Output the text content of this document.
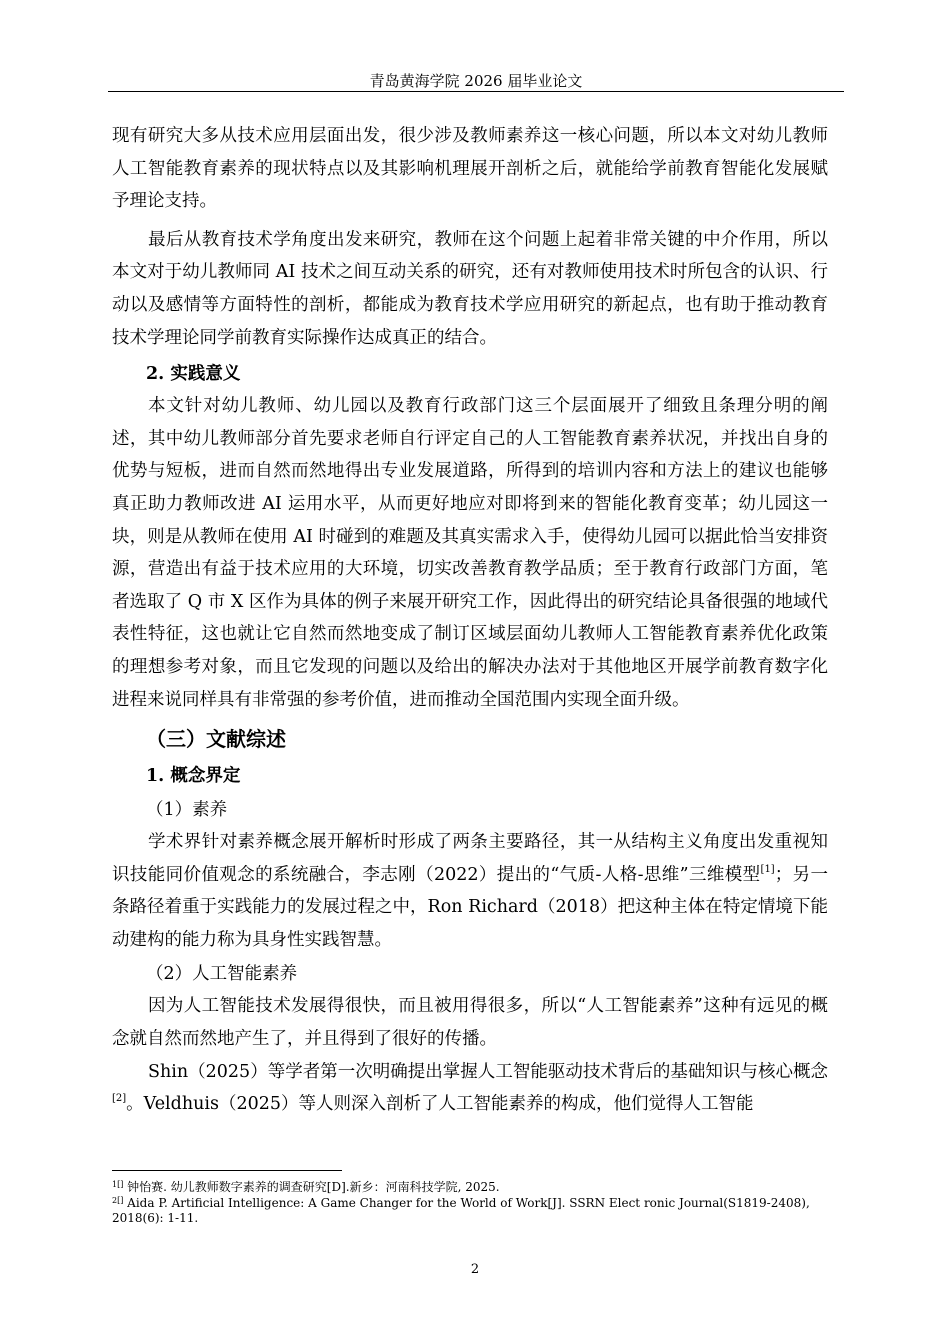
青岛黄海学院 2026 届毕业论文

现有研究大多从技术应用层面出发，很少涉及教师素养这一核心问题，所以本文对幼儿教师人工智能教育素养的现状特点以及其影响机理展开剖析之后，就能给学前教育智能化发展赋予理论支持。

最后从教育技术学角度出发来研究，教师在这个问题上起着非常关键的中介作用，所以本文对于幼儿教师同 AI 技术之间互动关系的研究，还有对教师使用技术时所包含的认识、行动以及感情等方面特性的剖析，都能成为教育技术学应用研究的新起点，也有助于推动教育技术学理论同学前教育实际操作达成真正的结合。

2. 实践意义

本文针对幼儿教师、幼儿园以及教育行政部门这三个层面展开了细致且条理分明的阐述，其中幼儿教师部分首先要求老师自行评定自己的人工智能教育素养状况，并找出自身的优势与短板，进而自然而然地得出专业发展道路，所得到的培训内容和方法上的建议也能够真正助力教师改进 AI 运用水平，从而更好地应对即将到来的智能化教育变革；幼儿园这一块，则是从教师在使用 AI 时碰到的难题及其真实需求入手，使得幼儿园可以据此恰当安排资源，营造出有益于技术应用的大环境，切实改善教育教学品质；至于教育行政部门方面，笔者选取了 Q 市 X 区作为具体的例子来展开研究工作，因此得出的研究结论具备很强的地域代表性特征，这也就让它自然而然地变成了制订区域层面幼儿教师人工智能教育素养优化政策的理想参考对象，而且它发现的问题以及给出的解决办法对于其他地区开展学前教育数字化进程来说同样具有非常强的参考价值，进而推动全国范围内实现全面升级。

（三）文献综述

1. 概念界定

（1）素养

学术界针对素养概念展开解析时形成了两条主要路径，其一从结构主义角度出发重视知识技能同价值观念的系统融合，李志刚（2022）提出的“气质-人格-思维”三维模型[1]；另一条路径着重于实践能力的发展过程之中，Ron Richard（2018）把这种主体在特定情境下能动建构的能力称为具身性实践智慧。

（2）人工智能素养

因为人工智能技术发展得很快，而且被用得很多，所以“人工智能素养”这种有远见的概念就自然而然地产生了，并且得到了很好的传播。

Shin（2025）等学者第一次明确提出掌握人工智能驱动技术背后的基础知识与核心概念[2]。Veldhuis（2025）等人则深入剖析了人工智能素养的构成，他们觉得人工智能

$^{1[]}$ 钟怡赛. 幼儿教师数字素养的调查研究[D].新乡：河南科技学院, 2025.

$^{2[]}$ Aida P. Artificial Intelligence: A Game Changer for the World of Work[J]. SSRN Elect ronic Journal(S1819-2408), 2018(6): 1-11.

2
